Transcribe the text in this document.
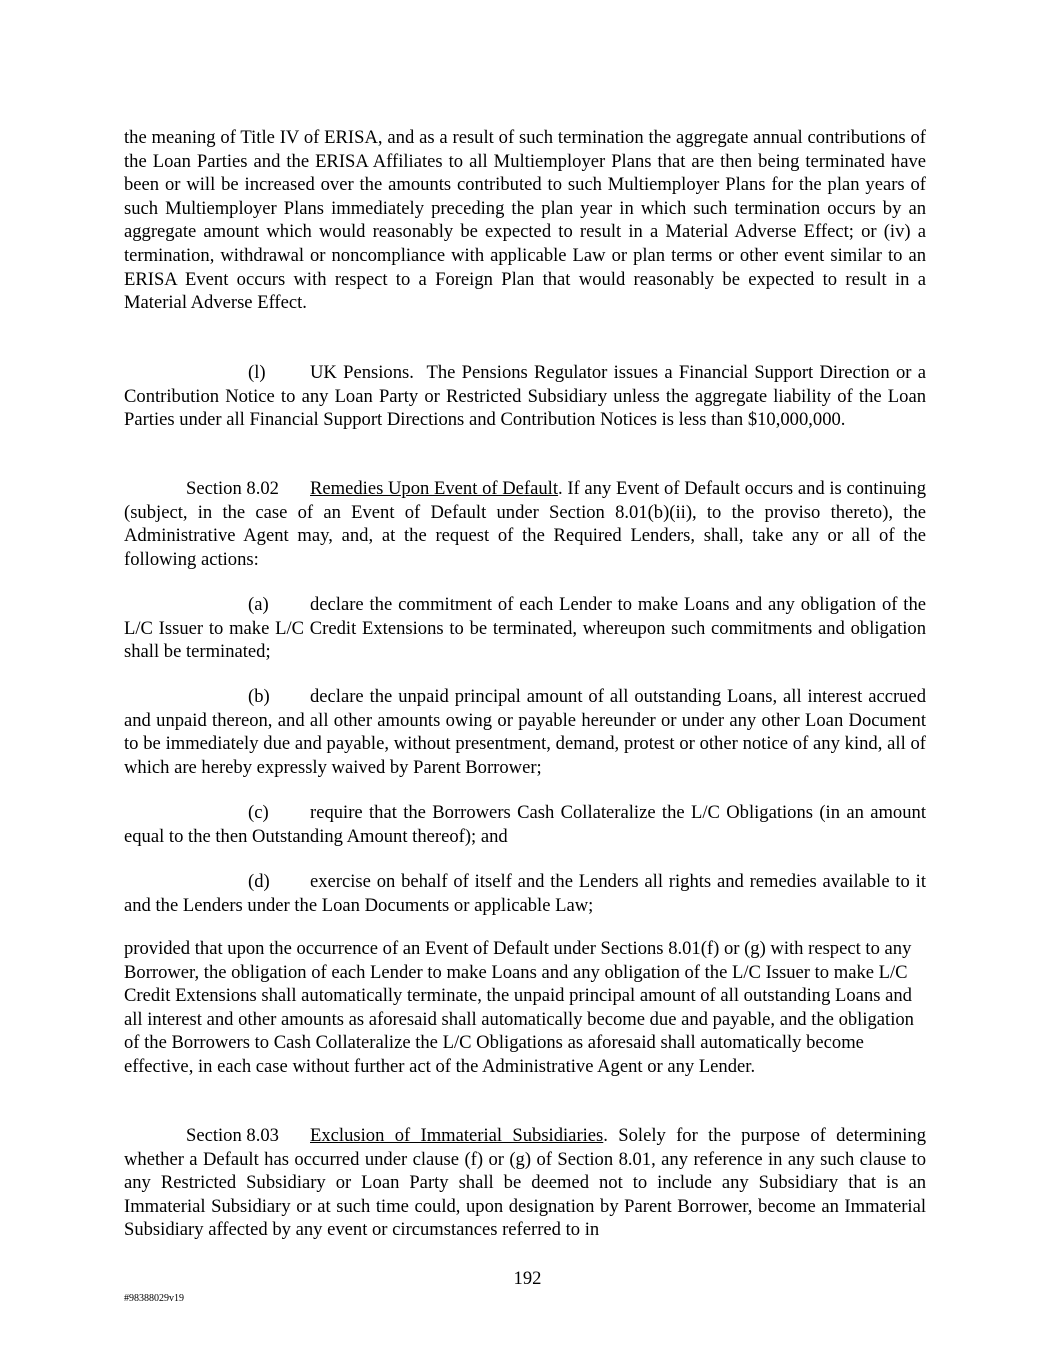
the meaning of Title IV of ERISA, and as a result of such termination the aggregate annual contributions of the Loan Parties and the ERISA Affiliates to all Multiemployer Plans that are then being terminated have been or will be increased over the amounts contributed to such Multiemployer Plans for the plan years of such Multiemployer Plans immediately preceding the plan year in which such termination occurs by an aggregate amount which would reasonably be expected to result in a Material Adverse Effect; or (iv) a termination, withdrawal or noncompliance with applicable Law or plan terms or other event similar to an ERISA Event occurs with respect to a Foreign Plan that would reasonably be expected to result in a Material Adverse Effect.

(l) UK Pensions. The Pensions Regulator issues a Financial Support Direction or a Contribution Notice to any Loan Party or Restricted Subsidiary unless the aggregate liability of the Loan Parties under all Financial Support Directions and Contribution Notices is less than $10,000,000.

Section 8.02 Remedies Upon Event of Default. If any Event of Default occurs and is continuing (subject, in the case of an Event of Default under Section 8.01(b)(ii), to the proviso thereto), the Administrative Agent may, and, at the request of the Required Lenders, shall, take any or all of the following actions:

(a) declare the commitment of each Lender to make Loans and any obligation of the L/C Issuer to make L/C Credit Extensions to be terminated, whereupon such commitments and obligation shall be terminated;

(b) declare the unpaid principal amount of all outstanding Loans, all interest accrued and unpaid thereon, and all other amounts owing or payable hereunder or under any other Loan Document to be immediately due and payable, without presentment, demand, protest or other notice of any kind, all of which are hereby expressly waived by Parent Borrower;

(c) require that the Borrowers Cash Collateralize the L/C Obligations (in an amount equal to the then Outstanding Amount thereof); and

(d) exercise on behalf of itself and the Lenders all rights and remedies available to it and the Lenders under the Loan Documents or applicable Law;

provided that upon the occurrence of an Event of Default under Sections 8.01(f) or (g) with respect to any Borrower, the obligation of each Lender to make Loans and any obligation of the L/C Issuer to make L/C Credit Extensions shall automatically terminate, the unpaid principal amount of all outstanding Loans and all interest and other amounts as aforesaid shall automatically become due and payable, and the obligation of the Borrowers to Cash Collateralize the L/C Obligations as aforesaid shall automatically become effective, in each case without further act of the Administrative Agent or any Lender.

Section 8.03 Exclusion of Immaterial Subsidiaries. Solely for the purpose of determining whether a Default has occurred under clause (f) or (g) of Section 8.01, any reference in any such clause to any Restricted Subsidiary or Loan Party shall be deemed not to include any Subsidiary that is an Immaterial Subsidiary or at such time could, upon designation by Parent Borrower, become an Immaterial Subsidiary affected by any event or circumstances referred to in

192
#98388029v19
